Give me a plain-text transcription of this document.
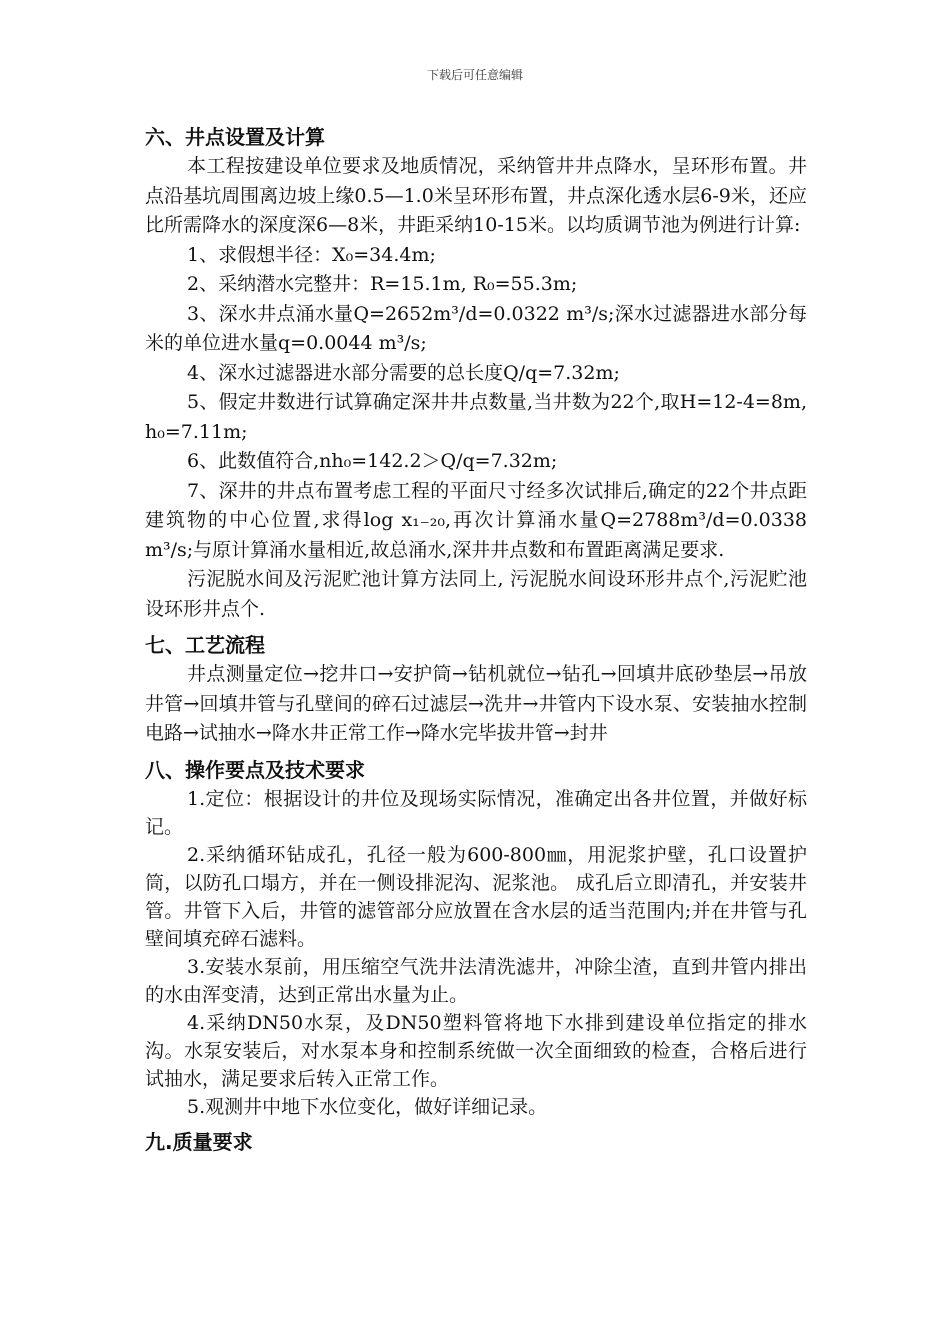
下载后可任意编辑
六、井点设置及计算

本工程按建设单位要求及地质情况，采纳管井井点降水，呈环形布置。井点沿基坑周围离边坡上缘0.5—1.0米呈环形布置，井点深化透水层6-9米，还应比所需降水的深度深6—8米，井距采纳10-15米。以均质调节池为例进行计算:

1、求假想半径：X₀=34.4m;

2、采纳潜水完整井：R=15.1m, R₀=55.3m;

3、深水井点涌水量Q=2652m³/d=0.0322 m³/s;深水过滤器进水部分每米的单位进水量q=0.0044 m³/s;

4、深水过滤器进水部分需要的总长度Q/q=7.32m;

5、假定井数进行试算确定深井井点数量,当井数为22个,取H=12-4=8m, h₀=7.11m;

6、此数值符合,nh₀=142.2＞Q/q=7.32m;

7、深井的井点布置考虑工程的平面尺寸经多次试排后,确定的22个井点距建筑物的中心位置,求得log x₁₋₂₀,再次计算涌水量Q=2788m³/d=0.0338 m³/s;与原计算涌水量相近,故总涌水,深井井点数和布置距离满足要求.

污泥脱水间及污泥贮池计算方法同上, 污泥脱水间设环形井点个,污泥贮池设环形井点个.

七、工艺流程

井点测量定位→挖井口→安护筒→钻机就位→钻孔→回填井底砂垫层→吊放井管→回填井管与孔壁间的碎石过滤层→洗井→井管内下设水泵、安装抽水控制电路→试抽水→降水井正常工作→降水完毕拔井管→封井

八、操作要点及技术要求

1.定位：根据设计的井位及现场实际情况，准确定出各井位置，并做好标记。

2.采纳循环钻成孔，孔径一般为600-800㎜，用泥浆护壁，孔口设置护筒，以防孔口塌方，并在一侧设排泥沟、泥浆池。 成孔后立即清孔，并安装井管。井管下入后，井管的滤管部分应放置在含水层的适当范围内;并在井管与孔壁间填充碎石滤料。

3.安装水泵前，用压缩空气洗井法清洗滤井，冲除尘渣，直到井管内排出的水由浑变清，达到正常出水量为止。

4.采纳DN50水泵，及DN50塑料管将地下水排到建设单位指定的排水沟。水泵安装后，对水泵本身和控制系统做一次全面细致的检查，合格后进行试抽水，满足要求后转入正常工作。

5.观测井中地下水位变化，做好详细记录。

九.质量要求
